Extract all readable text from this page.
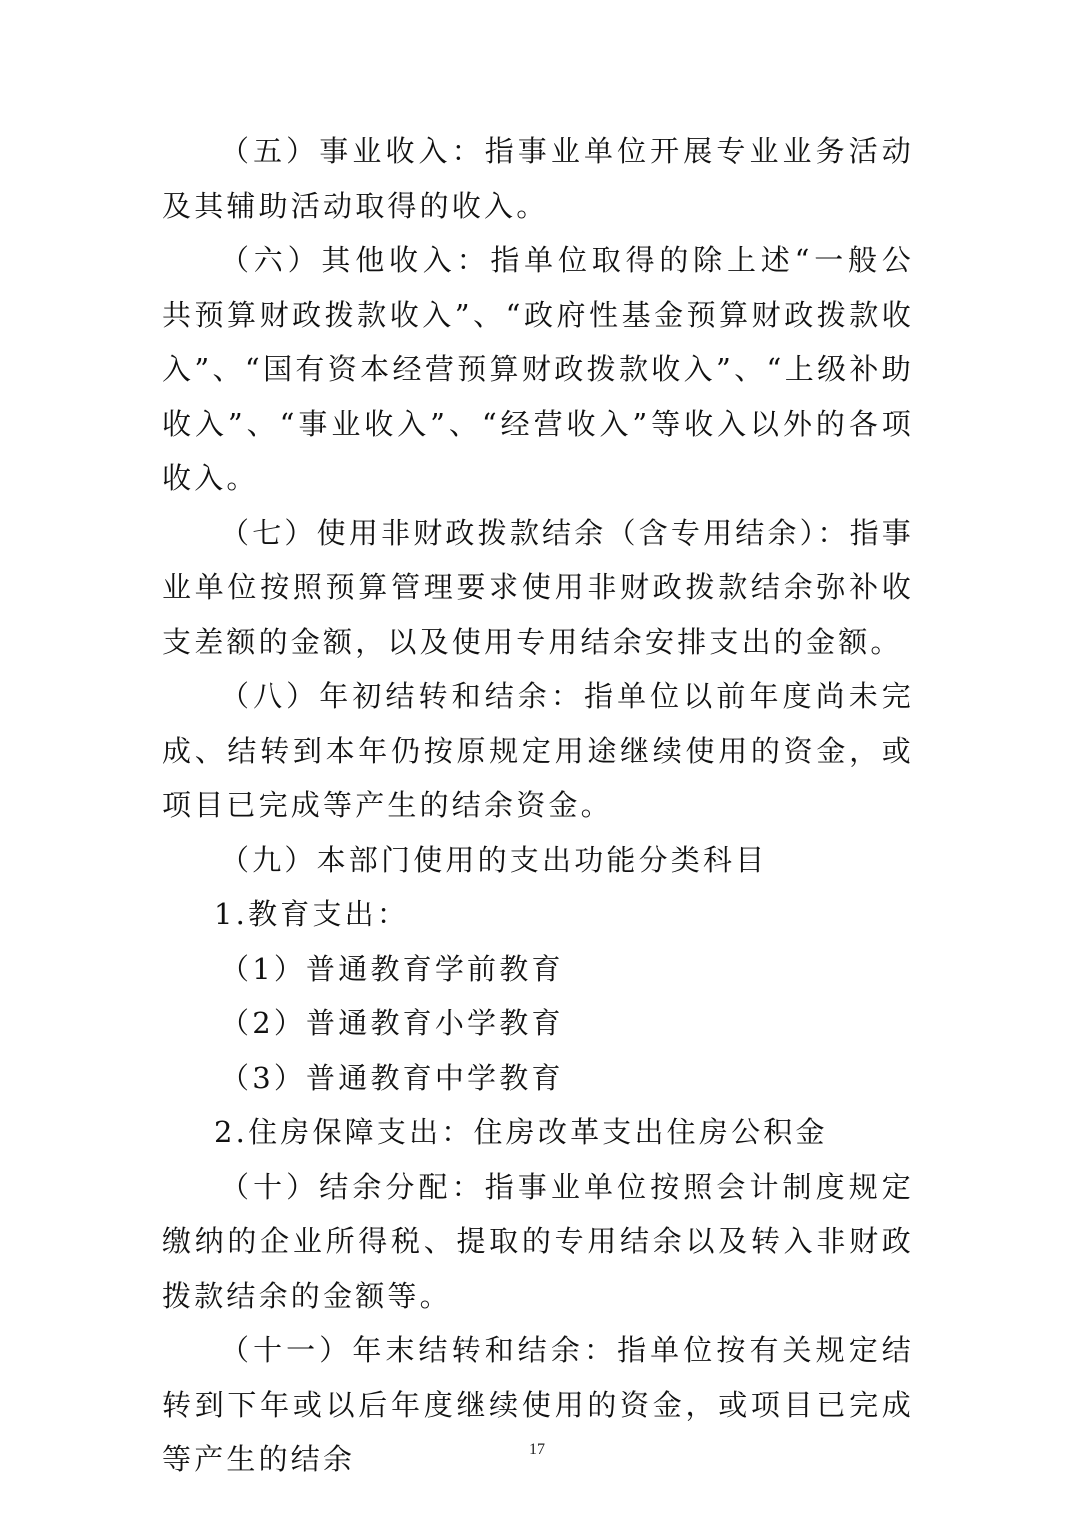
（五）事业收入：指事业单位开展专业业务活动及其辅助活动取得的收入。

（六）其他收入：指单位取得的除上述“一般公共预算财政拨款收入”、“政府性基金预算财政拨款收入”、“国有资本经营预算财政拨款收入”、“上级补助收入”、“事业收入”、“经营收入”等收入以外的各项收入。

（七）使用非财政拨款结余（含专用结余）：指事业单位按照预算管理要求使用非财政拨款结余弥补收支差额的金额，以及使用专用结余安排支出的金额。

（八）年初结转和结余：指单位以前年度尚未完成、结转到本年仍按原规定用途继续使用的资金，或项目已完成等产生的结余资金。

（九）本部门使用的支出功能分类科目

1.教育支出：

（1）普通教育学前教育

（2）普通教育小学教育

（3）普通教育中学教育

2.住房保障支出：住房改革支出住房公积金

（十）结余分配：指事业单位按照会计制度规定缴纳的企业所得税、提取的专用结余以及转入非财政拨款结余的金额等。

（十一）年末结转和结余：指单位按有关规定结转到下年或以后年度继续使用的资金，或项目已完成等产生的结余	17
